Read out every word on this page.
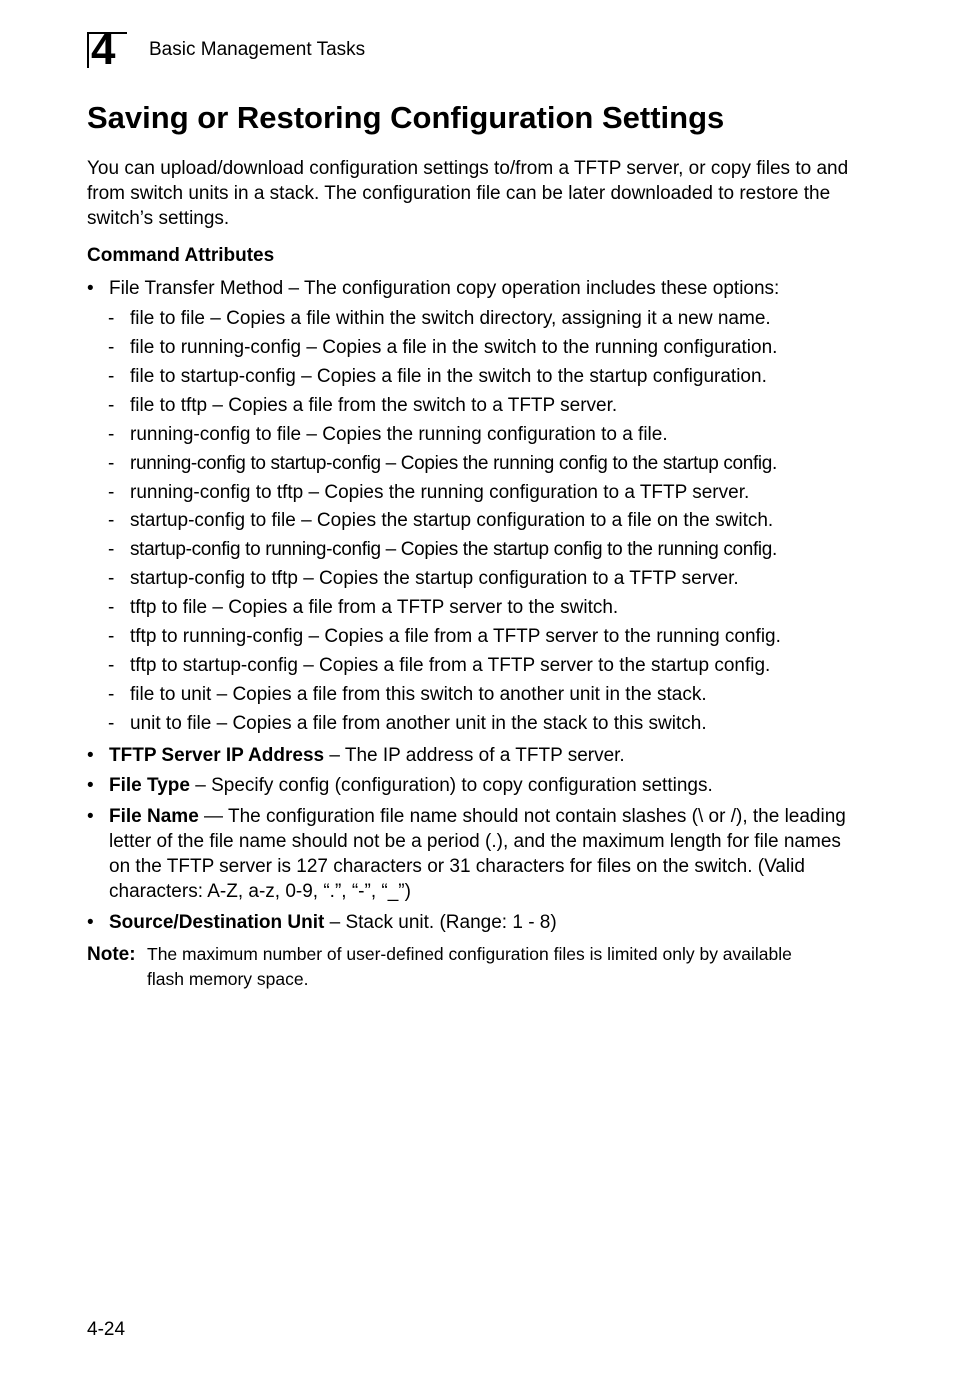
4 Basic Management Tasks
Saving or Restoring Configuration Settings

You can upload/download configuration settings to/from a TFTP server, or copy files to and from switch units in a stack. The configuration file can be later downloaded to restore the switch’s settings.

Command Attributes
• File Transfer Method – The configuration copy operation includes these options:
- file to file – Copies a file within the switch directory, assigning it a new name.
- file to running-config – Copies a file in the switch to the running configuration.
- file to startup-config – Copies a file in the switch to the startup configuration.
- file to tftp – Copies a file from the switch to a TFTP server.
- running-config to file – Copies the running configuration to a file.
- running-config to startup-config – Copies the running config to the startup config.
- running-config to tftp – Copies the running configuration to a TFTP server.
- startup-config to file – Copies the startup configuration to a file on the switch.
- startup-config to running-config – Copies the startup config to the running config.
- startup-config to tftp – Copies the startup configuration to a TFTP server.
- tftp to file – Copies a file from a TFTP server to the switch.
- tftp to running-config – Copies a file from a TFTP server to the running config.
- tftp to startup-config – Copies a file from a TFTP server to the startup config.
- file to unit – Copies a file from this switch to another unit in the stack.
- unit to file – Copies a file from another unit in the stack to this switch.
• TFTP Server IP Address – The IP address of a TFTP server.
• File Type – Specify config (configuration) to copy configuration settings.
• File Name — The configuration file name should not contain slashes (\ or /), the leading letter of the file name should not be a period (.), and the maximum length for file names on the TFTP server is 127 characters or 31 characters for files on the switch. (Valid characters: A-Z, a-z, 0-9, “.”, “-”, “_”)
• Source/Destination Unit – Stack unit. (Range: 1 - 8)
Note: The maximum number of user-defined configuration files is limited only by available flash memory space.
4-24
